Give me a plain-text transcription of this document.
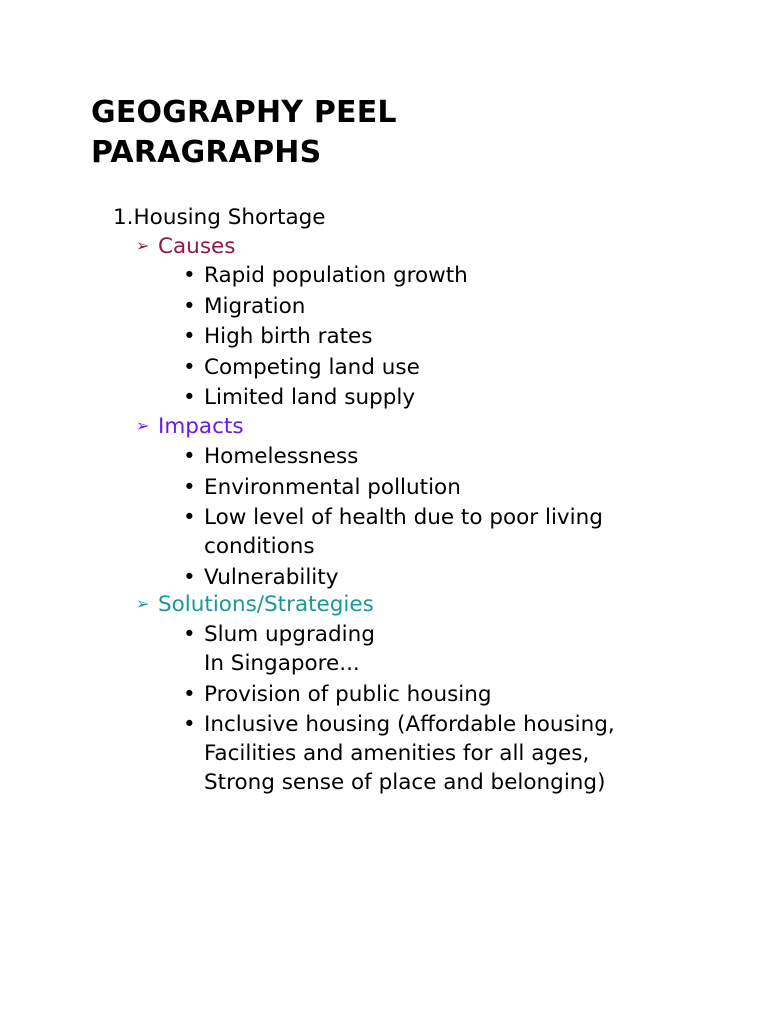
GEOGRAPHY PEEL
PARAGRAPHS
1.Housing Shortage
➢ Causes
• Rapid population growth
• Migration
• High birth rates
• Competing land use
• Limited land supply
➢ Impacts
• Homelessness
• Environmental pollution
• Low level of health due to poor living
conditions
• Vulnerability
➢ Solutions/Strategies
• Slum upgrading
In Singapore...
• Provision of public housing
• Inclusive housing (Affordable housing,
Facilities and amenities for all ages,
Strong sense of place and belonging)
